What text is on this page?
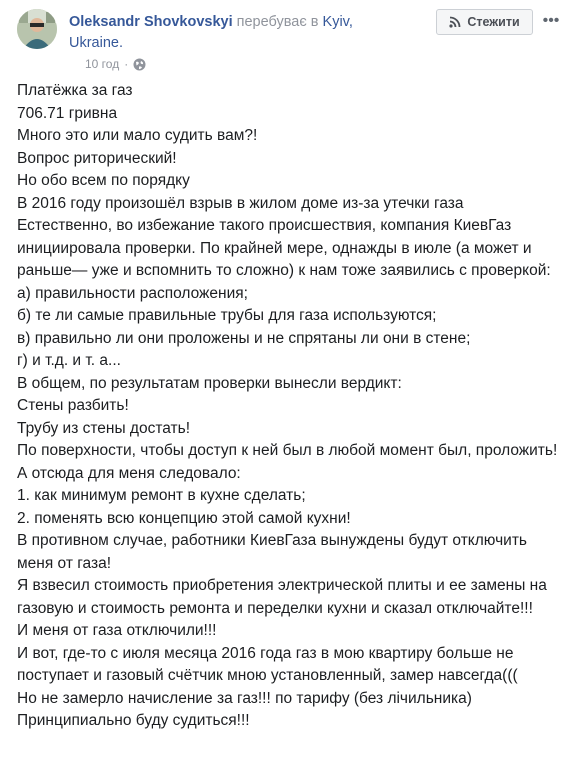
Oleksandr Shovkovskyi перебуває в Kyiv, Ukraine.
10 год ·
Стежити •••

Платёжка за газ

706.71 гривна

Много это или мало судить вам?!

Вопрос риторический!

Но обо всем по порядку

В 2016 году произошёл взрыв в жилом доме из-за утечки газа

Естественно, во избежание такого происшествия, компания КиевГаз инициировала проверки. По крайней мере, однажды в июле (а может и раньше— уже и вспомнить то сложно) к нам тоже заявились с проверкой:

а) правильности расположения;

б) те ли самые правильные трубы для газа используются;

в) правильно ли они проложены и не спрятаны ли они в стене;

г) и т.д. и т. а...

В общем, по результатам проверки вынесли вердикт:

Стены разбить!

Трубу из стены достать!

По поверхности, чтобы доступ к ней был в любой момент был, проложить!

А отсюда для меня следовало:

1. как минимум ремонт в кухне сделать;

2. поменять всю концепцию этой самой кухни!

В противном случае, работники КиевГаза вынуждены будут отключить меня от газа!

Я взвесил стоимость приобретения электрической плиты и ее замены на газовую и стоимость ремонта и переделки кухни и сказал отключайте!!!

И меня от газа отключили!!!

И вот, где-то с июля месяца 2016 года газ в мою квартиру больше не поступает и газовый счётчик мною установленный, замер навсегда(((

Но не замерло начисление за газ!!! по тарифу (без лічильника)

Принципиально буду судиться!!!
